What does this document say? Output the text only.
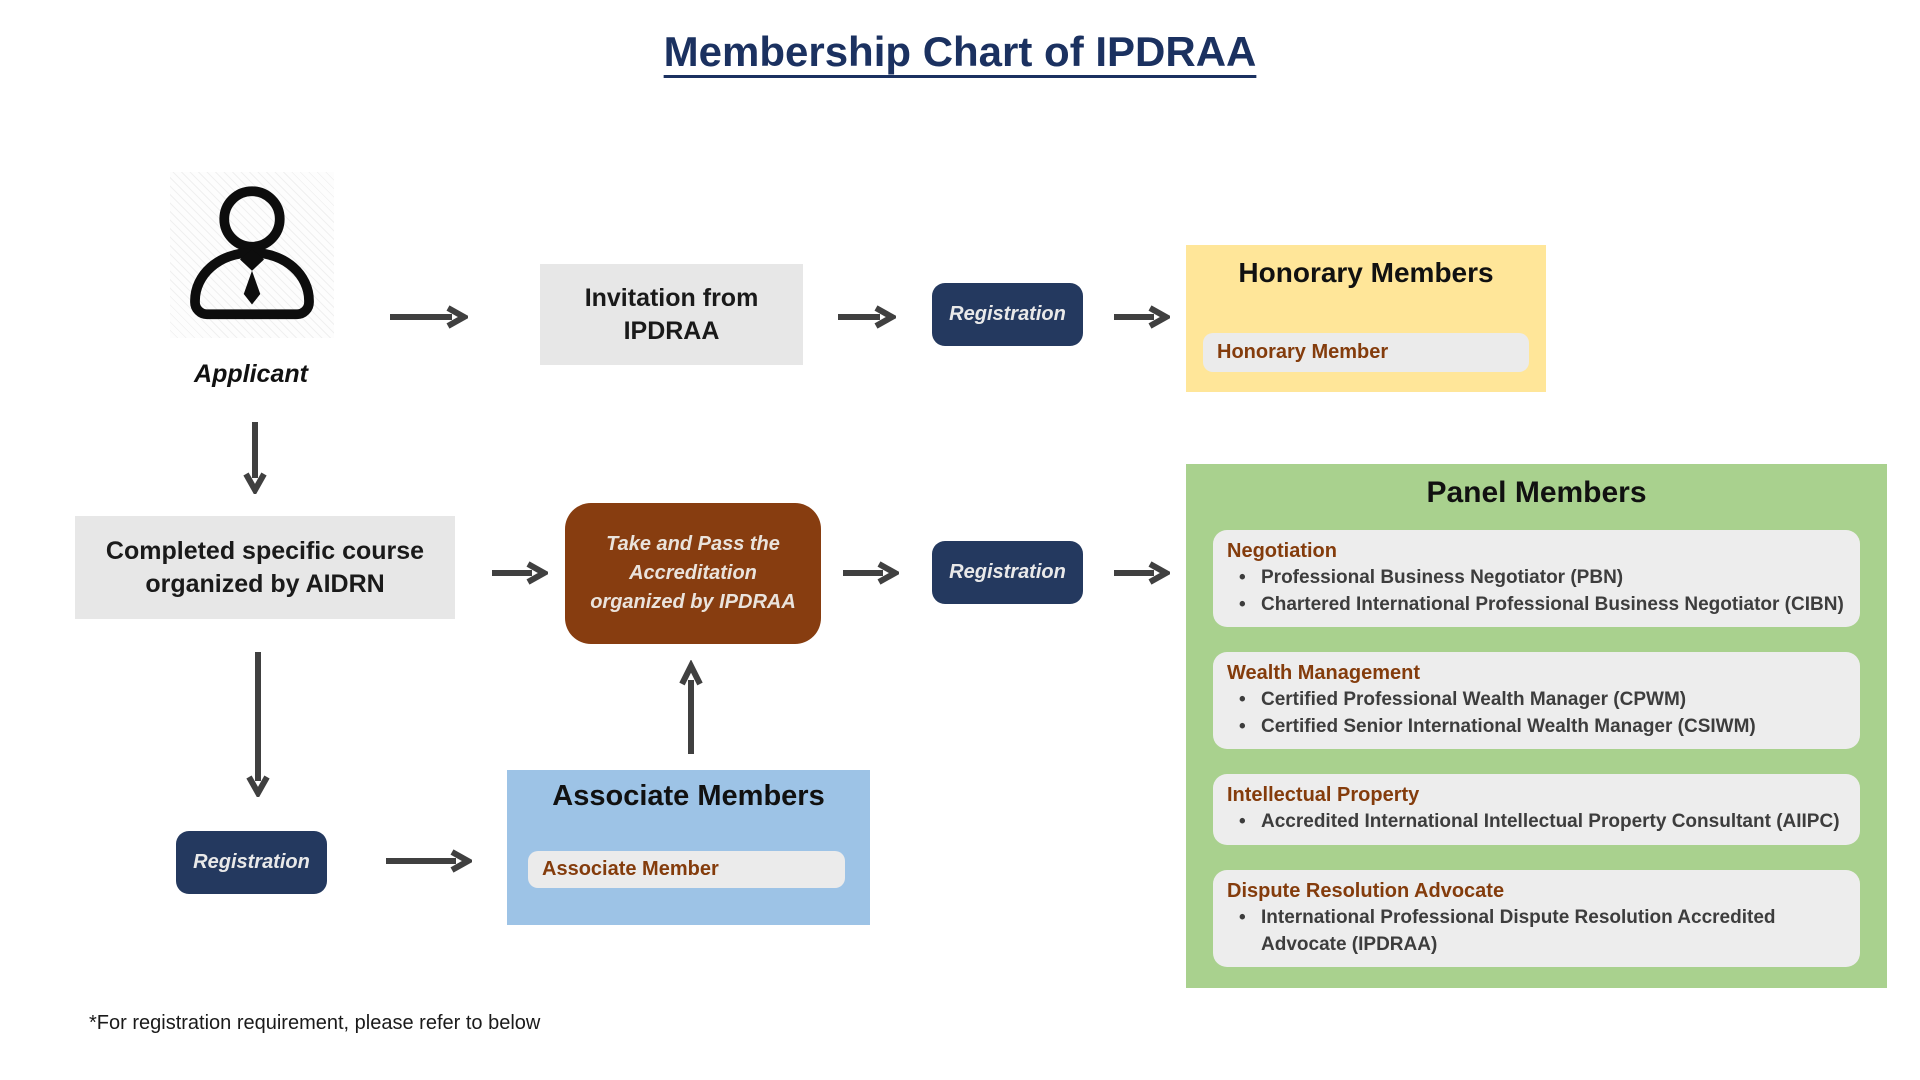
Membership Chart of IPDRAA
Applicant
Invitation from IPDRAA
Registration
Honorary Members
Honorary Member
Completed specific course organized by AIDRN
Take and Pass the Accreditation organized by IPDRAA
Registration
Panel Members
Negotiation
• Professional Business Negotiator (PBN)
• Chartered International Professional Business Negotiator (CIBN)
Wealth Management
• Certified Professional Wealth Manager (CPWM)
• Certified Senior International Wealth Manager (CSIWM)
Intellectual Property
• Accredited International Intellectual Property Consultant (AIIPC)
Dispute Resolution Advocate
• International Professional Dispute Resolution Accredited Advocate (IPDRAA)
Registration
Associate Members
Associate Member
*For registration requirement, please refer to below
